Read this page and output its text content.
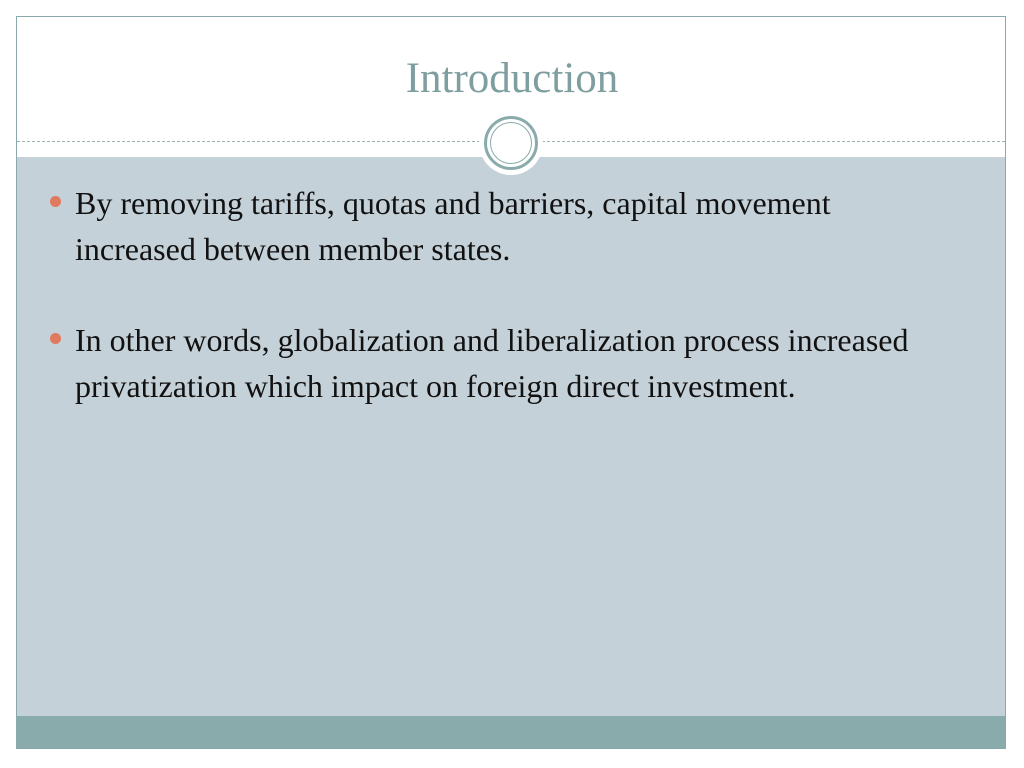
Introduction
By removing tariffs, quotas and barriers, capital movement increased between member states.
In other words, globalization and liberalization process increased privatization which impact on foreign direct investment.
